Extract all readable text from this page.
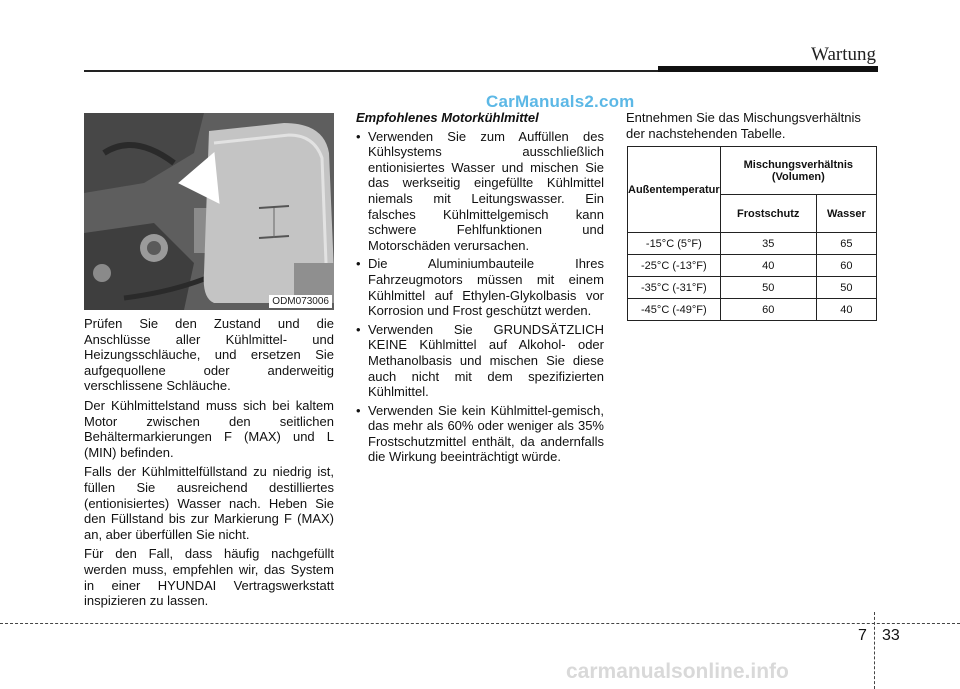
Wartung
CarManuals2.com
ODM073006

Prüfen Sie den Zustand und die Anschlüsse aller Kühlmittel- und Heizungsschläuche, und ersetzen Sie aufgequollene oder anderweitig verschlissene Schläuche.

Der Kühlmittelstand muss sich bei kaltem Motor zwischen den seitlichen Behältermarkierungen F (MAX) und L (MIN) befinden.

Falls der Kühlmittelfüllstand zu niedrig ist, füllen Sie ausreichend destilliertes (entionisiertes) Wasser nach. Heben Sie den Füllstand bis zur Markierung F (MAX) an, aber überfüllen Sie nicht.

Für den Fall, dass häufig nachgefüllt werden muss, empfehlen wir, das System in einer HYUNDAI Vertragswerkstatt inspizieren zu lassen.

Empfohlenes Motorkühlmittel
• Verwenden Sie zum Auffüllen des Kühlsystems ausschließlich entionisiertes Wasser und mischen Sie das werkseitig eingefüllte Kühlmittel niemals mit Leitungswasser. Ein falsches Kühlmittelgemisch kann schwere Fehlfunktionen und Motorschäden verursachen.
• Die Aluminiumbauteile Ihres Fahrzeugmotors müssen mit einem Kühlmittel auf Ethylen-Glykolbasis vor Korrosion und Frost geschützt werden.
• Verwenden Sie GRUNDSÄTZLICH KEINE Kühlmittel auf Alkohol- oder Methanolbasis und mischen Sie diese auch nicht mit dem spezifizierten Kühlmittel.
• Verwenden Sie kein Kühlmittel-gemisch, das mehr als 60% oder weniger als 35% Frostschutzmittel enthält, da andernfalls die Wirkung beeinträchtigt würde.

Entnehmen Sie das Mischungsverhältnis der nachstehenden Tabelle.

Außentemperatur	Mischungsverhältnis (Volumen)	
	Frostschutz	Wasser
-15°C (5°F)	35	65
-25°C (-13°F)	40	60
-35°C (-31°F)	50	50
-45°C (-49°F)	60	40
7 33
carmanualsonline.info
